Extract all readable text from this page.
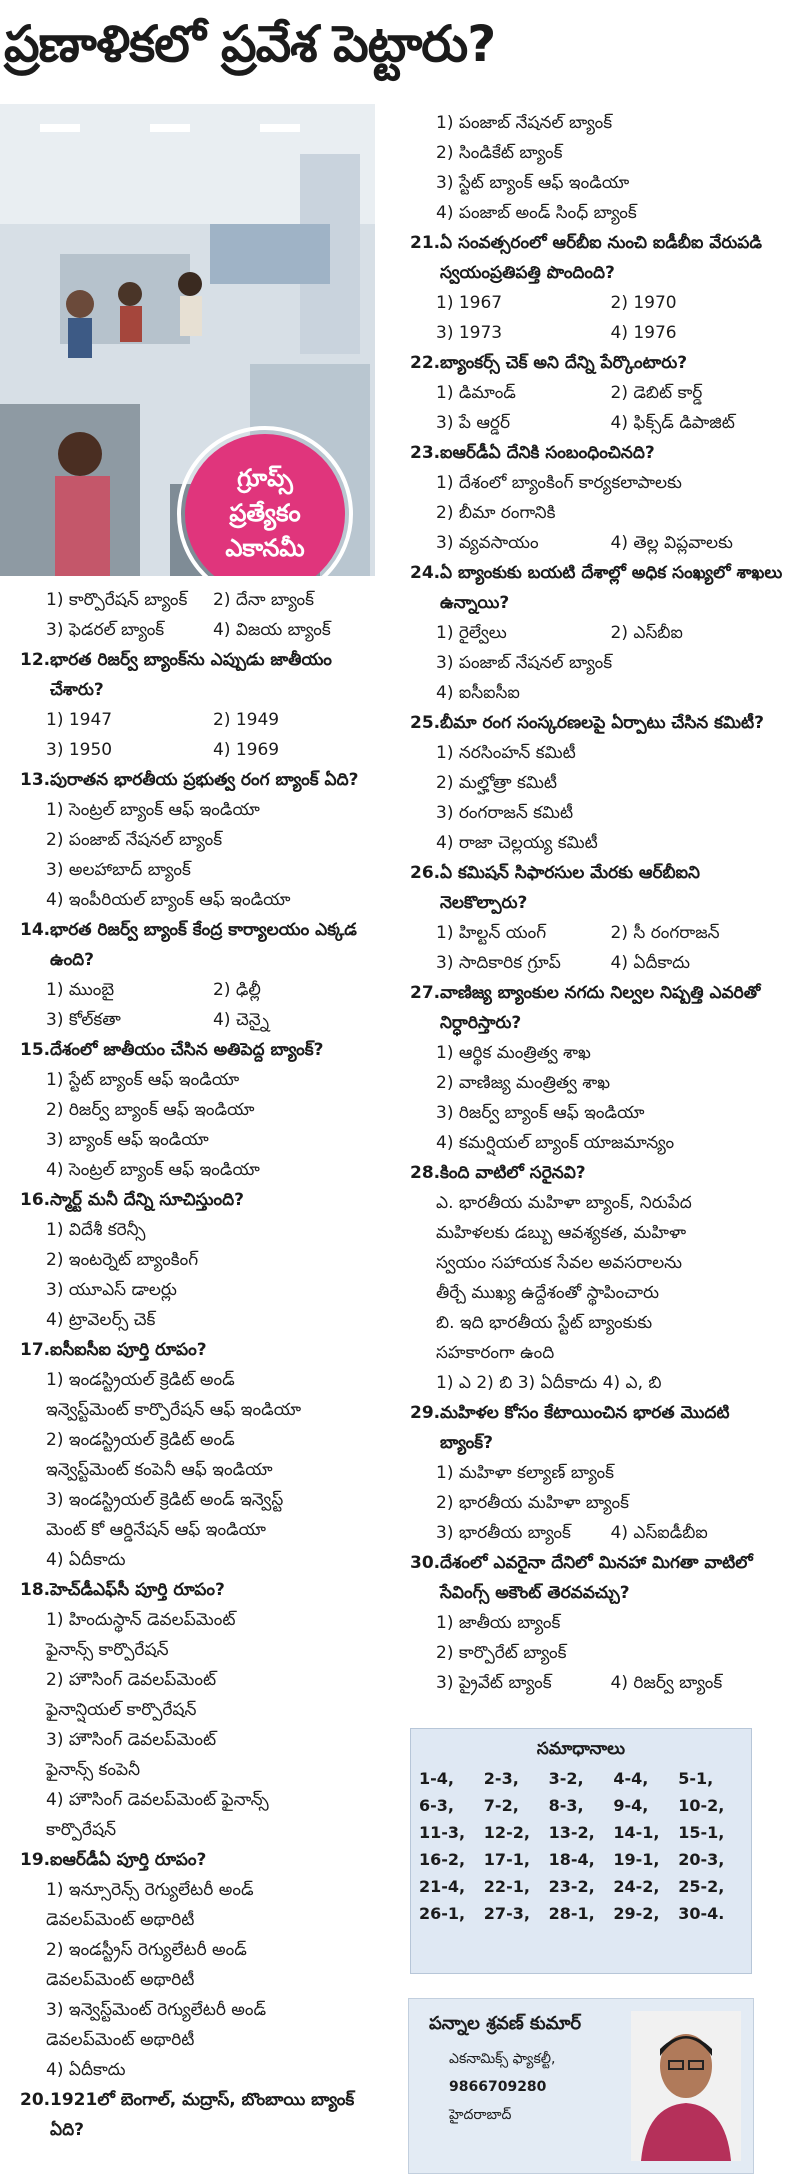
ప్రణాళికలో ప్రవేశ పెట్టారు?
గ్రూప్స్
ప్రత్యేకం
ఎకానమీ
1) కార్పొరేషన్ బ్యాంక్	2) దేనా బ్యాంక్
3) ఫెడరల్ బ్యాంక్	4) విజయ బ్యాంక్
12. భారత రిజర్వ్ బ్యాంక్‌ను ఎప్పుడు జాతీయం చేశారు?
1) 1947	2) 1949
3) 1950	4) 1969
13. పురాతన భారతీయ ప్రభుత్వ రంగ బ్యాంక్ ఏది?
1) సెంట్రల్ బ్యాంక్ ఆఫ్ ఇండియా
2) పంజాబ్ నేషనల్ బ్యాంక్
3) అలహాబాద్ బ్యాంక్
4) ఇంపీరియల్ బ్యాంక్ ఆఫ్ ఇండియా
14. భారత రిజర్వ్ బ్యాంక్ కేంద్ర కార్యాలయం ఎక్కడ ఉంది?
1) ముంబై	2) ఢిల్లీ
3) కోల్‌కతా	4) చెన్నై
15. దేశంలో జాతీయం చేసిన అతిపెద్ద బ్యాంక్?
1) స్టేట్ బ్యాంక్ ఆఫ్ ఇండియా
2) రిజర్వ్ బ్యాంక్ ఆఫ్ ఇండియా
3) బ్యాంక్ ఆఫ్ ఇండియా
4) సెంట్రల్ బ్యాంక్ ఆఫ్ ఇండియా
16. స్మార్ట్ మనీ దేన్ని సూచిస్తుంది?
1) విదేశీ కరెన్సీ
2) ఇంటర్నెట్ బ్యాంకింగ్
3) యూఎస్ డాలర్లు
4) ట్రావెలర్స్ చెక్
17. ఐసీఐసీఐ పూర్తి రూపం?
1) ఇండస్ట్రియల్ క్రెడిట్ అండ్
ఇన్వెస్ట్‌మెంట్ కార్పొరేషన్ ఆఫ్ ఇండియా
2) ఇండస్ట్రియల్ క్రెడిట్ అండ్
ఇన్వెస్ట్‌మెంట్ కంపెనీ ఆఫ్ ఇండియా
3) ఇండస్ట్రియల్ క్రెడిట్ అండ్ ఇన్వెస్ట్
మెంట్ కో ఆర్డినేషన్ ఆఫ్ ఇండియా
4) ఏదీకాదు
18. హెచ్‌డీఎఫ్‌సీ పూర్తి రూపం?
1) హిందుస్థాన్ డెవలప్‌మెంట్
ఫైనాన్స్ కార్పొరేషన్
2) హౌసింగ్ డెవలప్‌మెంట్
ఫైనాన్షియల్ కార్పొరేషన్
3) హౌసింగ్ డెవలప్‌మెంట్
ఫైనాన్స్ కంపెనీ
4) హౌసింగ్ డెవలప్‌మెంట్ ఫైనాన్స్
కార్పొరేషన్
19. ఐఆర్‌డీఏ పూర్తి రూపం?
1) ఇన్సూరెన్స్ రెగ్యులేటరీ అండ్
డెవలప్‌మెంట్ అథారిటీ
2) ఇండస్ట్రీస్ రెగ్యులేటరీ అండ్
డెవలప్‌మెంట్ అథారిటీ
3) ఇన్వెస్ట్‌మెంట్ రెగ్యులేటరీ అండ్
డెవలప్‌మెంట్ అథారిటీ
4) ఏదీకాదు
20. 1921లో బెంగాల్, మద్రాస్, బొంబాయి బ్యాంక్ ఏది?
1) పంజాబ్ నేషనల్ బ్యాంక్
2) సిండికేట్ బ్యాంక్
3) స్టేట్ బ్యాంక్ ఆఫ్ ఇండియా
4) పంజాబ్ అండ్ సింధ్ బ్యాంక్
21. ఏ సంవత్సరంలో ఆర్‌బీఐ నుంచి ఐడీబీఐ వేరుపడి స్వయంప్రతిపత్తి పొందింది?
1) 1967	2) 1970
3) 1973	4) 1976
22. బ్యాంకర్స్ చెక్ అని దేన్ని పేర్కొంటారు?
1) డిమాండ్	2) డెబిట్ కార్డ్
3) పే ఆర్డర్	4) ఫిక్స్‌డ్ డిపాజిట్
23. ఐఆర్‌డీఏ దేనికి సంబంధించినది?
1) దేశంలో బ్యాంకింగ్ కార్యకలాపాలకు
2) బీమా రంగానికి
3) వ్యవసాయం	4) తెల్ల విప్లవాలకు
24. ఏ బ్యాంకుకు బయటి దేశాల్లో అధిక సంఖ్యలో శాఖలు ఉన్నాయి?
1) రైల్వేలు	2) ఎస్‌బీఐ
3) పంజాబ్ నేషనల్ బ్యాంక్
4) ఐసీఐసీఐ
25. బీమా రంగ సంస్కరణలపై ఏర్పాటు చేసిన కమిటీ?
1) నరసింహన్ కమిటీ
2) మల్హోత్రా కమిటీ
3) రంగరాజన్ కమిటీ
4) రాజా చెల్లయ్య కమిటీ
26. ఏ కమిషన్ సిఫారసుల మేరకు ఆర్‌బీఐని నెలకొల్పారు?
1) హిల్టన్ యంగ్	2) సీ రంగరాజన్
3) సాదికారిక గ్రూప్	4) ఏదీకాదు
27. వాణిజ్య బ్యాంకుల నగదు నిల్వల నిష్పత్తి ఎవరితో నిర్ధారిస్తారు?
1) ఆర్థిక మంత్రిత్వ శాఖ
2) వాణిజ్య మంత్రిత్వ శాఖ
3) రిజర్వ్ బ్యాంక్ ఆఫ్ ఇండియా
4) కమర్షియల్ బ్యాంక్ యాజమాన్యం
28. కింది వాటిలో సరైనవి?
ఎ. భారతీయ మహిళా బ్యాంక్, నిరుపేద
మహిళలకు డబ్బు ఆవశ్యకత, మహిళా
స్వయం సహాయక సేవల అవసరాలను
తీర్చే ముఖ్య ఉద్దేశంతో స్థాపించారు
బి. ఇది భారతీయ స్టేట్ బ్యాంకుకు
సహకారంగా ఉంది
1) ఎ 2) బి 3) ఏదీకాదు 4) ఎ, బి
29. మహిళల కోసం కేటాయించిన భారత మొదటి బ్యాంక్?
1) మహిళా కల్యాణ్ బ్యాంక్
2) భారతీయ మహిళా బ్యాంక్
3) భారతీయ బ్యాంక్	4) ఎస్‌ఐడీబీఐ
30. దేశంలో ఎవరైనా దేనిలో మినహా మిగతా వాటిలో సేవింగ్స్ అకౌంట్ తెరవవచ్చు?
1) జాతీయ బ్యాంక్
2) కార్పొరేట్ బ్యాంక్
3) ప్రైవేట్ బ్యాంక్	4) రిజర్వ్ బ్యాంక్
సమాధానాలు
1-4,	2-3,	3-2,	4-4,	5-1,
6-3,	7-2,	8-3,	9-4,	10-2,
11-3,	12-2,	13-2,	14-1,	15-1,
16-2,	17-1,	18-4,	19-1,	20-3,
21-4,	22-1,	23-2,	24-2,	25-2,
26-1,	27-3,	28-1,	29-2,	30-4.
పన్నాల శ్రవణ్ కుమార్
ఎకనామిక్స్ ఫ్యాకల్టీ,
9866709280
హైదరాబాద్
